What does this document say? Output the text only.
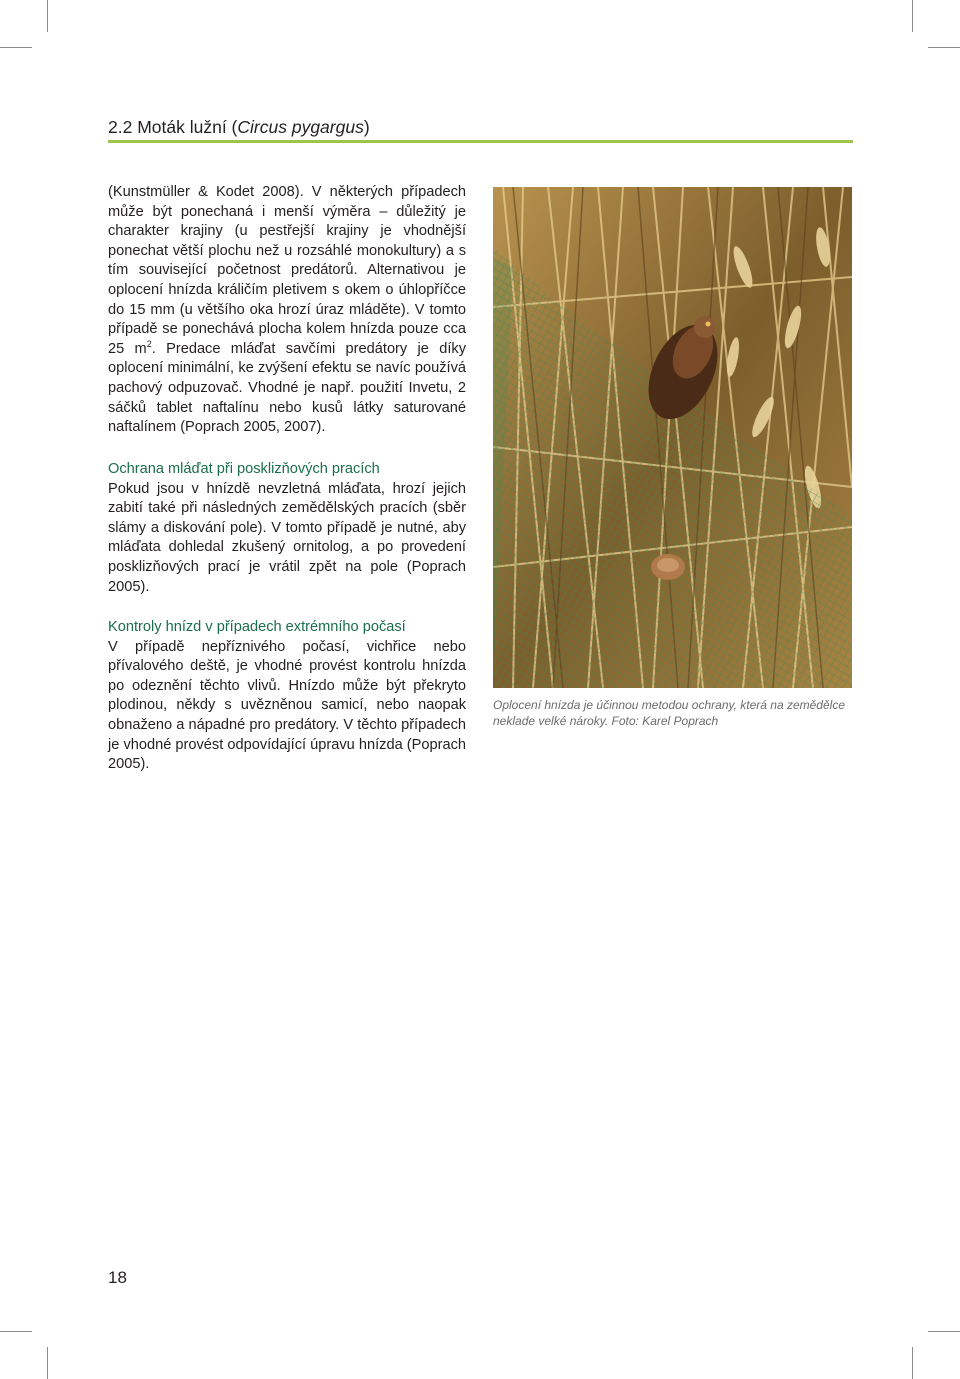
2.2 Moták lužní (Circus pygargus)

(Kunstmüller & Kodet 2008). V některých případech může být ponechaná i menší výměra – důležitý je charakter krajiny (u pestřejší krajiny je vhodnější ponechat větší plochu než u rozsáhlé monokultury) a s tím související početnost predátorů. Alternativou je oplocení hnízda králičím pletivem s okem o úhlopříčce do 15 mm (u většího oka hrozí úraz mláděte). V tomto případě se ponechává plocha kolem hnízda pouze cca 25 $m^2$. Predace mláďat savčími predátory je díky oplocení minimální, ke zvýšení efektu se navíc používá pachový odpuzovač. Vhodné je např. použití Invetu, 2 sáčků tablet naftalínu nebo kusů látky saturované naftalínem (Poprach 2005, 2007).

Ochrana mláďat při posklizňových pracích
Pokud jsou v hnízdě nevzletná mláďata, hrozí jejich zabití také při následných zemědělských pracích (sběr slámy a diskování pole). V tomto případě je nutné, aby mláďata dohledal zkušený ornitolog, a po provedení posklizňových prací je vrátil zpět na pole (Poprach 2005).

Kontroly hnízd v případech extrémního počasí
V případě nepříznivého počasí, vichřice nebo přívalového deště, je vhodné provést kontrolu hnízda po odeznění těchto vlivů. Hnízdo může být překryto plodinou, někdy s uvězněnou samicí, nebo naopak obnaženo a nápadné pro predátory. V těchto případech je vhodné provést odpovídající úpravu hnízda (Poprach 2005).

Oplocení hnízda je účinnou metodou ochrany, která na zemědělce neklade velké nároky. Foto: Karel Poprach
18
